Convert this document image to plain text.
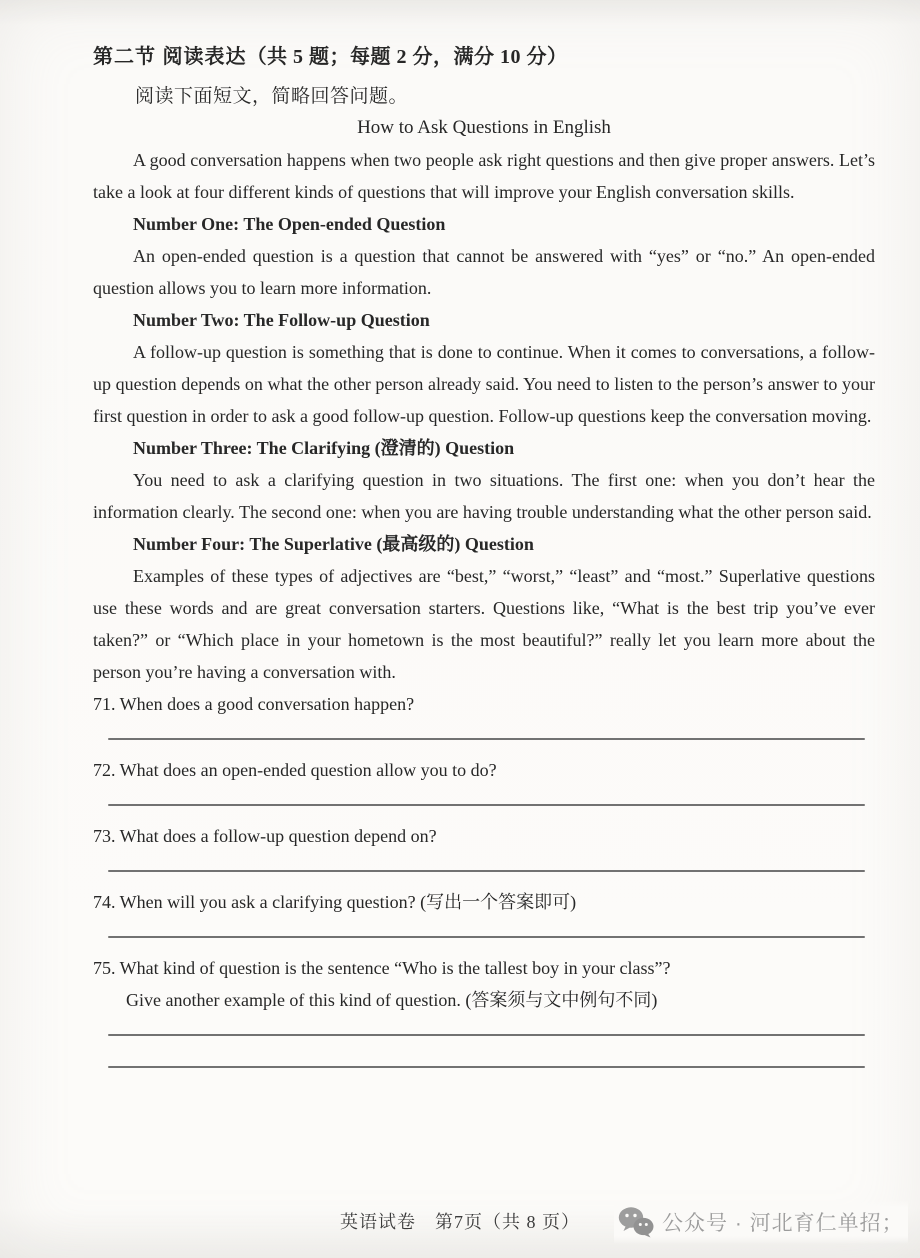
第二节 阅读表达（共 5 题；每题 2 分，满分 10 分）

阅读下面短文，简略回答问题。

How to Ask Questions in English

A good conversation happens when two people ask right questions and then give proper answers. Let’s take a look at four different kinds of questions that will improve your English conversation skills.

Number One: The Open-ended Question

An open-ended question is a question that cannot be answered with “yes” or “no.” An open-ended question allows you to learn more information.

Number Two: The Follow-up Question

A follow-up question is something that is done to continue. When it comes to conversations, a follow-up question depends on what the other person already said. You need to listen to the person’s answer to your first question in order to ask a good follow-up question. Follow-up questions keep the conversation moving.

Number Three: The Clarifying (澄清的) Question

You need to ask a clarifying question in two situations. The first one: when you don’t hear the information clearly. The second one: when you are having trouble understanding what the other person said.

Number Four: The Superlative (最高级的) Question

Examples of these types of adjectives are “best,” “worst,” “least” and “most.” Superlative questions use these words and are great conversation starters. Questions like, “What is the best trip you’ve ever taken?” or “Which place in your hometown is the most beautiful?” really let you learn more about the person you’re having a conversation with.

71. When does a good conversation happen?

72. What does an open-ended question allow you to do?

73. What does a follow-up question depend on?

74. When will you ask a clarifying question? (写出一个答案即可)

75. What kind of question is the sentence “Who is the tallest boy in your class”?

Give another example of this kind of question. (答案须与文中例句不同)

英语试卷　第7页（共 8 页）	公众号 · 河北育仁单招；
